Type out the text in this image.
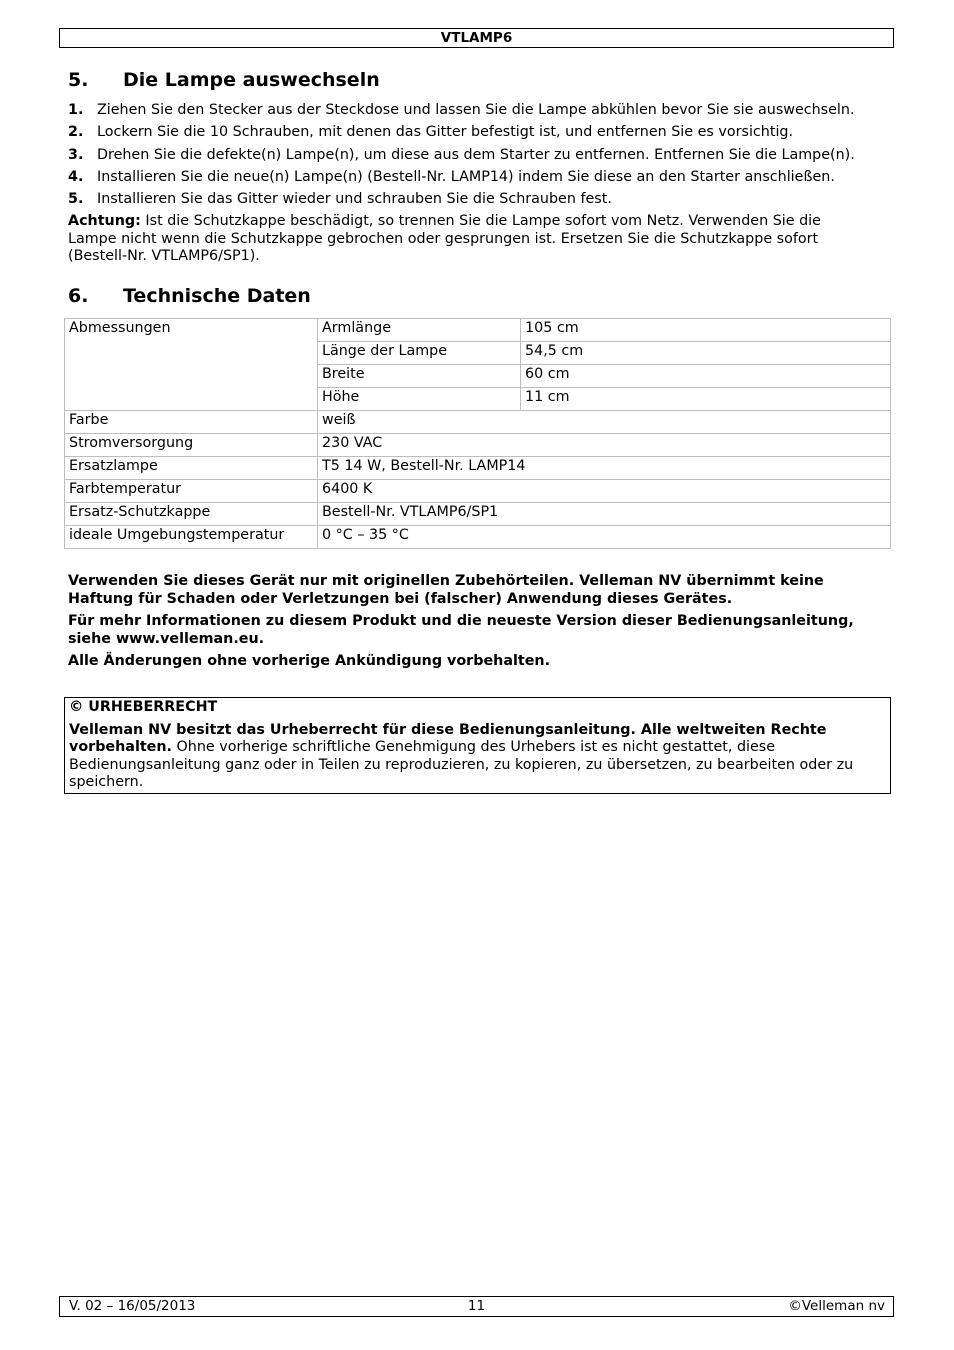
VTLAMP6
5. Die Lampe auswechseln
1. Ziehen Sie den Stecker aus der Steckdose und lassen Sie die Lampe abkühlen bevor Sie sie auswechseln.
2. Lockern Sie die 10 Schrauben, mit denen das Gitter befestigt ist, und entfernen Sie es vorsichtig.
3. Drehen Sie die defekte(n) Lampe(n), um diese aus dem Starter zu entfernen. Entfernen Sie die Lampe(n).
4. Installieren Sie die neue(n) Lampe(n) (Bestell-Nr. LAMP14) indem Sie diese an den Starter anschließen.
5. Installieren Sie das Gitter wieder und schrauben Sie die Schrauben fest.

Achtung: Ist die Schutzkappe beschädigt, so trennen Sie die Lampe sofort vom Netz. Verwenden Sie die Lampe nicht wenn die Schutzkappe gebrochen oder gesprungen ist. Ersetzen Sie die Schutzkappe sofort (Bestell-Nr. VTLAMP6/SP1).

6. Technische Daten
Abmessungen	Armlänge	105 cm
	Länge der Lampe	54,5 cm
	Breite	60 cm
	Höhe	11 cm
Farbe	weiß	
Stromversorgung	230 VAC	
Ersatzlampe	T5 14 W, Bestell-Nr. LAMP14	
Farbtemperatur	6400 K	
Ersatz-Schutzkappe	Bestell-Nr. VTLAMP6/SP1	
ideale Umgebungstemperatur	0 °C – 35 °C	

Verwenden Sie dieses Gerät nur mit originellen Zubehörteilen. Velleman NV übernimmt keine Haftung für Schaden oder Verletzungen bei (falscher) Anwendung dieses Gerätes.

Für mehr Informationen zu diesem Produkt und die neueste Version dieser Bedienungsanleitung, siehe www.velleman.eu.

Alle Änderungen ohne vorherige Ankündigung vorbehalten.

© URHEBERRECHT

Velleman NV besitzt das Urheberrecht für diese Bedienungsanleitung. Alle weltweiten Rechte vorbehalten. Ohne vorherige schriftliche Genehmigung des Urhebers ist es nicht gestattet, diese Bedienungsanleitung ganz oder in Teilen zu reproduzieren, zu kopieren, zu übersetzen, zu bearbeiten oder zu speichern.

V. 02 – 16/05/2013	11	©Velleman nv
